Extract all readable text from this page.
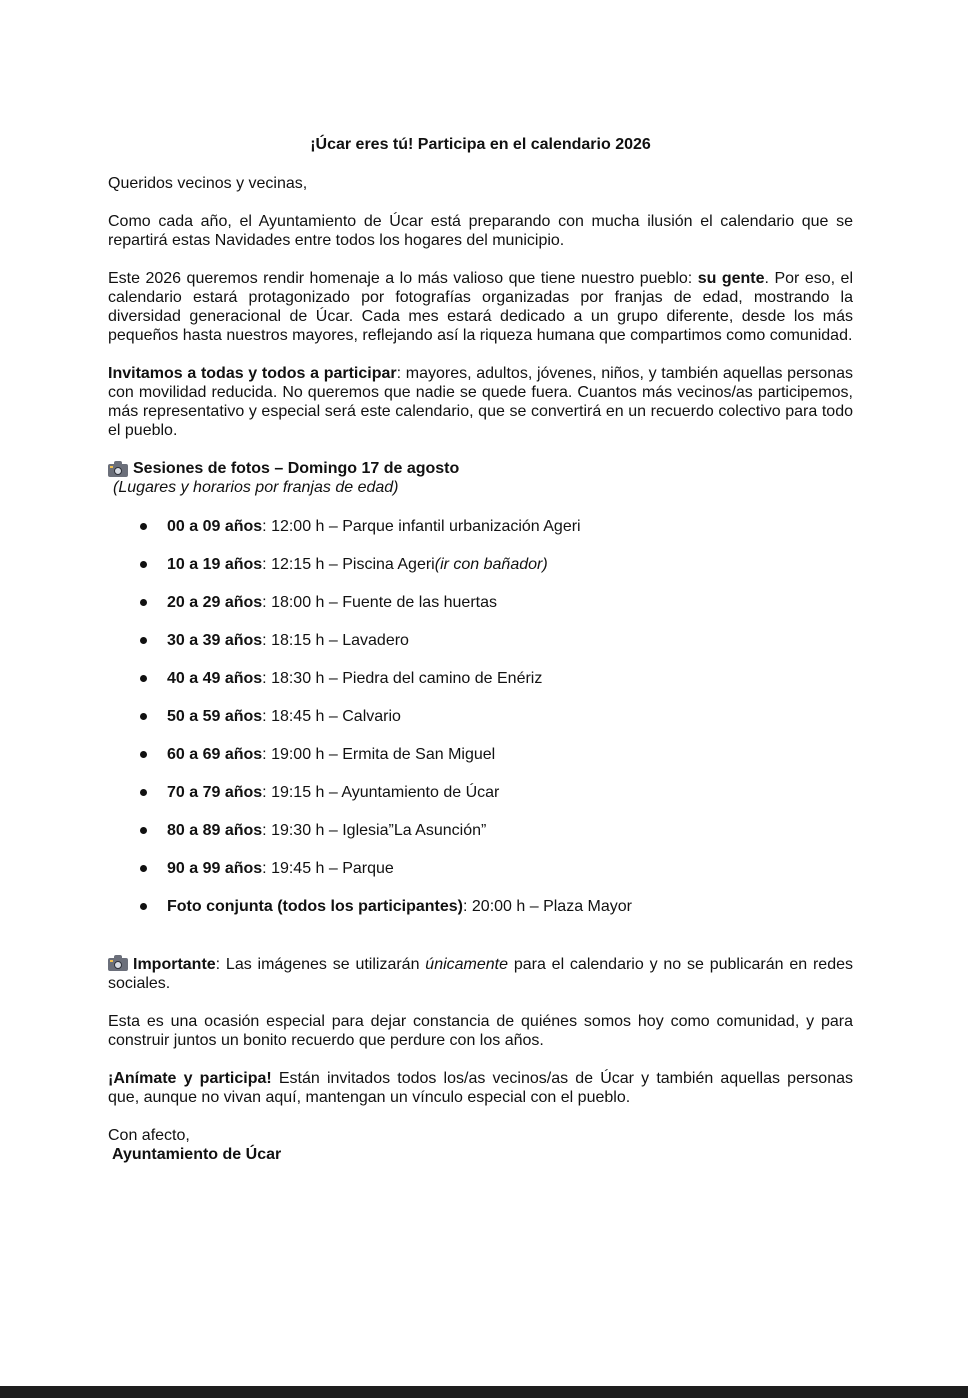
¡Úcar eres tú! Participa en el calendario 2026

Queridos vecinos y vecinas,

Como cada año, el Ayuntamiento de Úcar está preparando con mucha ilusión el calendario que se repartirá estas Navidades entre todos los hogares del municipio.

Este 2026 queremos rendir homenaje a lo más valioso que tiene nuestro pueblo: su gente. Por eso, el calendario estará protagonizado por fotografías organizadas por franjas de edad, mostrando la diversidad generacional de Úcar. Cada mes estará dedicado a un grupo diferente, desde los más pequeños hasta nuestros mayores, reflejando así la riqueza humana que compartimos como comunidad.

Invitamos a todas y todos a participar: mayores, adultos, jóvenes, niños, y también aquellas personas con movilidad reducida. No queremos que nadie se quede fuera. Cuantos más vecinos/as participemos, más representativo y especial será este calendario, que se convertirá en un recuerdo colectivo para todo el pueblo.

Sesiones de fotos – Domingo 17 de agosto

(Lugares y horarios por franjas de edad)

00 a 09 años: 12:00 h – Parque infantil urbanización Ageri
10 a 19 años: 12:15 h – Piscina Ageri(ir con bañador)
20 a 29 años: 18:00 h – Fuente de las huertas
30 a 39 años: 18:15 h – Lavadero
40 a 49 años: 18:30 h – Piedra del camino de Enériz
50 a 59 años: 18:45 h – Calvario
60 a 69 años: 19:00 h – Ermita de San Miguel
70 a 79 años: 19:15 h – Ayuntamiento de Úcar
80 a 89 años: 19:30 h – Iglesia”La Asunción”
90 a 99 años: 19:45 h – Parque
Foto conjunta (todos los participantes): 20:00 h – Plaza Mayor

Importante: Las imágenes se utilizarán únicamente para el calendario y no se publicarán en redes sociales.

Esta es una ocasión especial para dejar constancia de quiénes somos hoy como comunidad, y para construir juntos un bonito recuerdo que perdure con los años.

¡Anímate y participa! Están invitados todos los/as vecinos/as de Úcar y también aquellas personas que, aunque no vivan aquí, mantengan un vínculo especial con el pueblo.

Con afecto,

Ayuntamiento de Úcar
